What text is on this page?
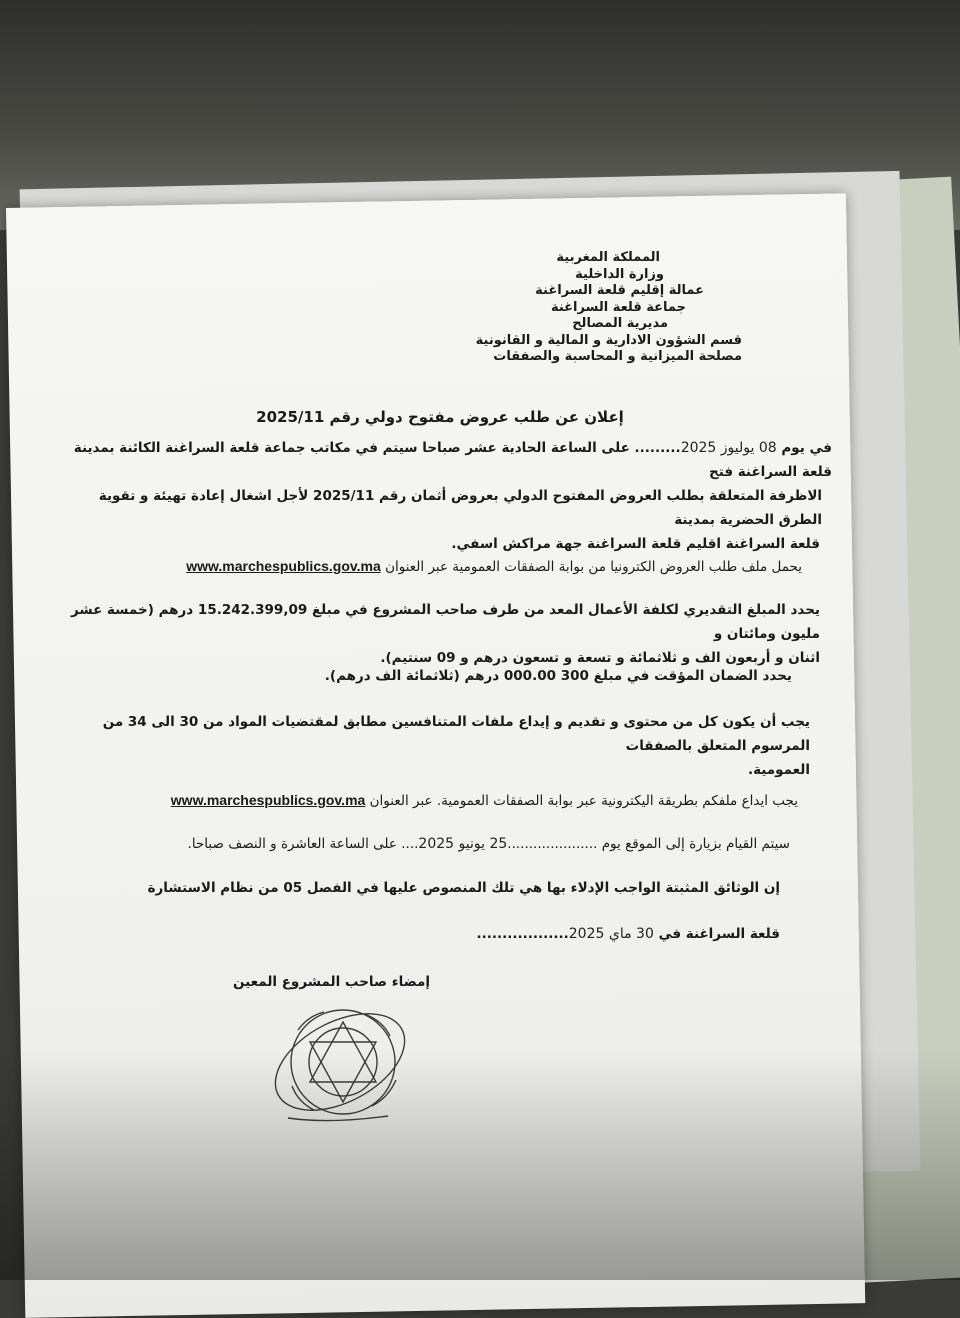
المملكة المغربية
وزارة الداخلية
عمالة إقليم قلعة السراغنة
جماعة قلعة السراغنة
مديرية المصالح
قسم الشؤون الادارية و المالية و القانونية
مصلحة الميزانية و المحاسبة والصفقات
إعلان عن طلب عروض مفتوح دولي رقم 2025/11
في يوم 08 يوليوز 2025......... على الساعة الحادية عشر صباحا سيتم في مكاتب جماعة قلعة السراغنة الكائنة بمدينة قلعة السراغنة فتح
الاظرفة المتعلقة بطلب العروض المفتوح الدولي بعروض أثمان رقم 2025/11 لأجل اشغال إعادة تهيئة و تقوية الطرق الحضرية بمدينة
قلعة السراغنة اقليم قلعة السراغنة جهة مراكش اسفي.
يحمل ملف طلب العروض الكترونيا من بوابة الصفقات العمومية عبر العنوان www.marchespublics.gov.ma
يحدد المبلغ التقديري لكلفة الأعمال المعد من طرف صاحب المشروع في مبلغ 15.242.399,09 درهم (خمسة عشر مليون ومائتان و
اثنان و أربعون الف و ثلاثمائة و تسعة و تسعون درهم و 09 سنتيم).
يحدد الضمان المؤقت في مبلغ 300 000.00 درهم (ثلاثمائة الف درهم).
يجب أن يكون كل من محتوى و تقديم و إيداع ملفات المتنافسين مطابق لمقتضيات المواد من 30 الى 34 من المرسوم المتعلق بالصفقات
العمومية.
يجب ايداع ملفكم بطريقة اليكترونية عبر بوابة الصفقات العمومية. عبر العنوان www.marchespublics.gov.ma
سيتم القيام بزيارة إلى الموقع يوم .....................25 يونيو 2025.... على الساعة العاشرة و النصف صباحا.
إن الوثائق المثبتة الواجب الإدلاء بها هي تلك المنصوص عليها في الفصل 05 من نظام الاستشارة
قلعة السراغنة في 30 ماي 2025..................
إمضاء صاحب المشروع المعين
